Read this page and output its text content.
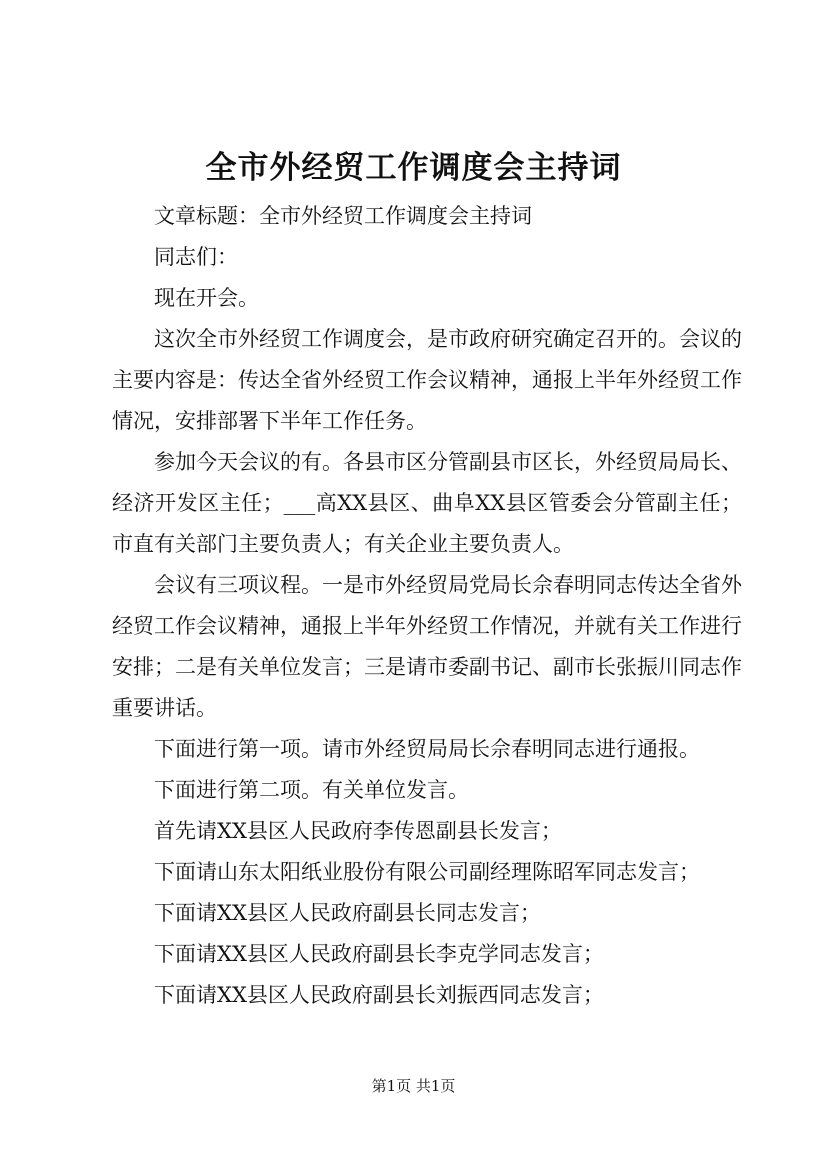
全市外经贸工作调度会主持词

文章标题：全市外经贸工作调度会主持词

同志们：

现在开会。

这次全市外经贸工作调度会，是市政府研究确定召开的。会议的主要内容是：传达全省外经贸工作会议精神，通报上半年外经贸工作情况，安排部署下半年工作任务。

参加今天会议的有。各县市区分管副县市区长，外经贸局局长、经济开发区主任；___高XX县区、曲阜XX县区管委会分管副主任；市直有关部门主要负责人；有关企业主要负责人。

会议有三项议程。一是市外经贸局党局长佘春明同志传达全省外经贸工作会议精神，通报上半年外经贸工作情况，并就有关工作进行安排；二是有关单位发言；三是请市委副书记、副市长张振川同志作重要讲话。

下面进行第一项。请市外经贸局局长佘春明同志进行通报。

下面进行第二项。有关单位发言。

首先请XX县区人民政府李传恩副县长发言；

下面请山东太阳纸业股份有限公司副经理陈昭军同志发言；

下面请XX县区人民政府副县长同志发言；

下面请XX县区人民政府副县长李克学同志发言；

下面请XX县区人民政府副县长刘振西同志发言；

第1页 共1页
